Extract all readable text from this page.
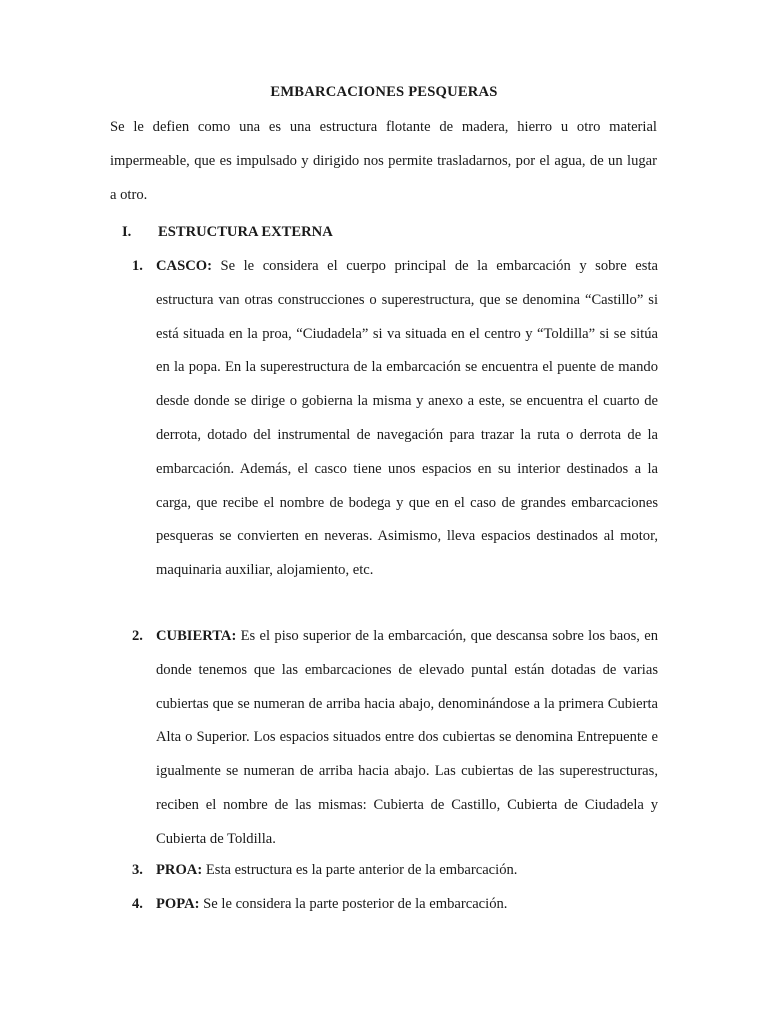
EMBARCACIONES PESQUERAS
Se le defien como una es una estructura flotante de madera, hierro u otro material impermeable, que es impulsado y dirigido nos permite trasladarnos, por el agua, de un lugar a otro.
I. ESTRUCTURA EXTERNA
1. CASCO: Se le considera el cuerpo principal de la embarcación y sobre esta estructura van otras construcciones o superestructura, que se denomina “Castillo” si está situada en la proa, “Ciudadela” si va situada en el centro y “Toldilla” si se sitúa en la popa. En la superestructura de la embarcación se encuentra el puente de mando desde donde se dirige o gobierna la misma y anexo a este, se encuentra el cuarto de derrota, dotado del instrumental de navegación para trazar la ruta o derrota de la embarcación. Además, el casco tiene unos espacios en su interior destinados a la carga, que recibe el nombre de bodega y que en el caso de grandes embarcaciones pesqueras se convierten en neveras. Asimismo, lleva espacios destinados al motor, maquinaria auxiliar, alojamiento, etc.
2. CUBIERTA: Es el piso superior de la embarcación, que descansa sobre los baos, en donde tenemos que las embarcaciones de elevado puntal están dotadas de varias cubiertas que se numeran de arriba hacia abajo, denominándose a la primera Cubierta Alta o Superior. Los espacios situados entre dos cubiertas se denomina Entrepuente e igualmente se numeran de arriba hacia abajo. Las cubiertas de las superestructuras, reciben el nombre de las mismas: Cubierta de Castillo, Cubierta de Ciudadela y Cubierta de Toldilla.
3. PROA: Esta estructura es la parte anterior de la embarcación.
4. POPA: Se le considera la parte posterior de la embarcación.
